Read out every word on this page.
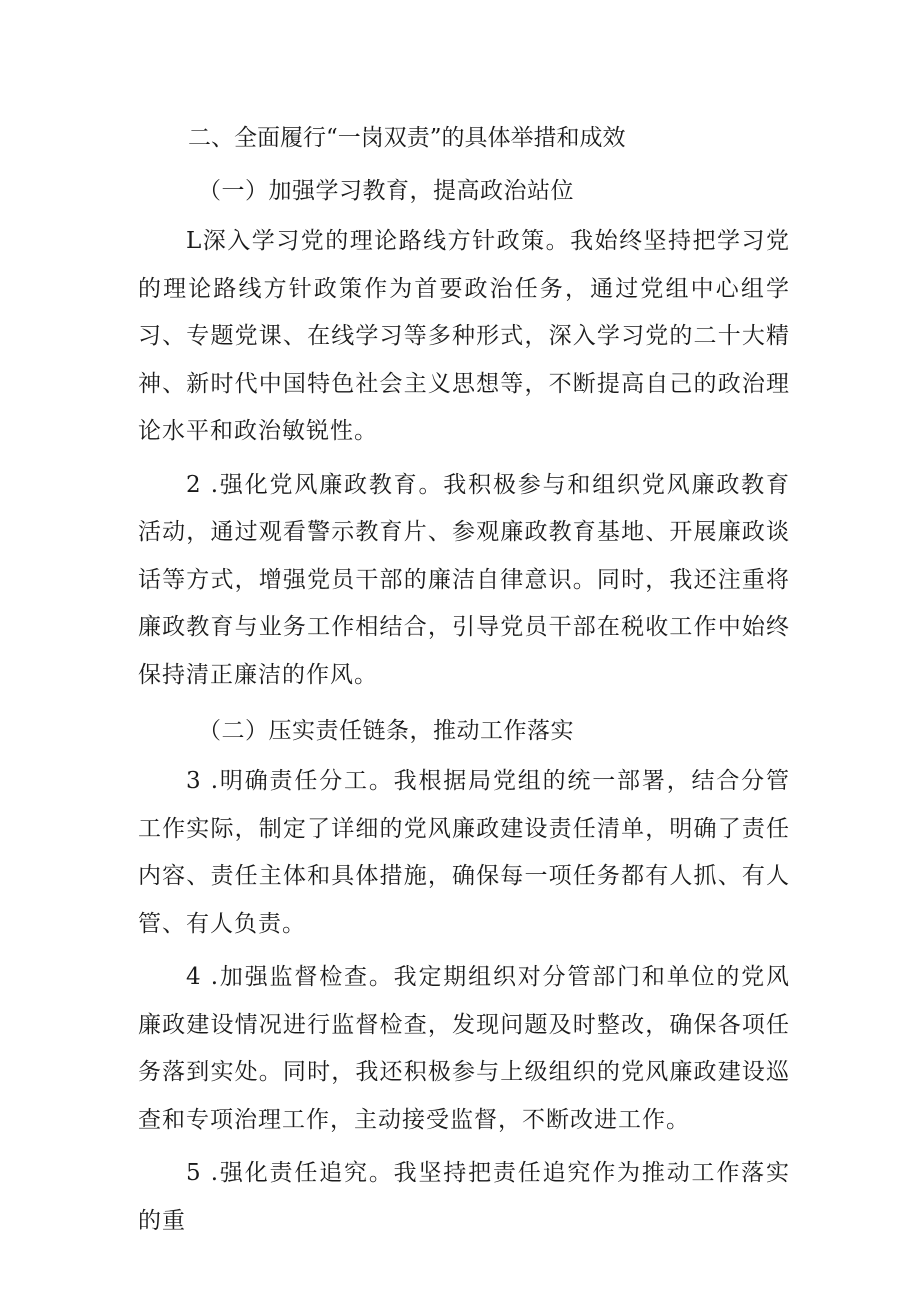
二、全面履行“一岗双责”的具体举措和成效

（一）加强学习教育，提高政治站位

L深入学习党的理论路线方针政策。我始终坚持把学习党的理论路线方针政策作为首要政治任务，通过党组中心组学习、专题党课、在线学习等多种形式，深入学习党的二十大精神、新时代中国特色社会主义思想等，不断提高自己的政治理论水平和政治敏锐性。

2 .强化党风廉政教育。我积极参与和组织党风廉政教育活动，通过观看警示教育片、参观廉政教育基地、开展廉政谈话等方式，增强党员干部的廉洁自律意识。同时，我还注重将廉政教育与业务工作相结合，引导党员干部在税收工作中始终保持清正廉洁的作风。

（二）压实责任链条，推动工作落实

3 .明确责任分工。我根据局党组的统一部署，结合分管工作实际，制定了详细的党风廉政建设责任清单，明确了责任内容、责任主体和具体措施，确保每一项任务都有人抓、有人管、有人负责。

4 .加强监督检查。我定期组织对分管部门和单位的党风廉政建设情况进行监督检查，发现问题及时整改，确保各项任务落到实处。同时，我还积极参与上级组织的党风廉政建设巡查和专项治理工作，主动接受监督，不断改进工作。

5 .强化责任追究。我坚持把责任追究作为推动工作落实的重
